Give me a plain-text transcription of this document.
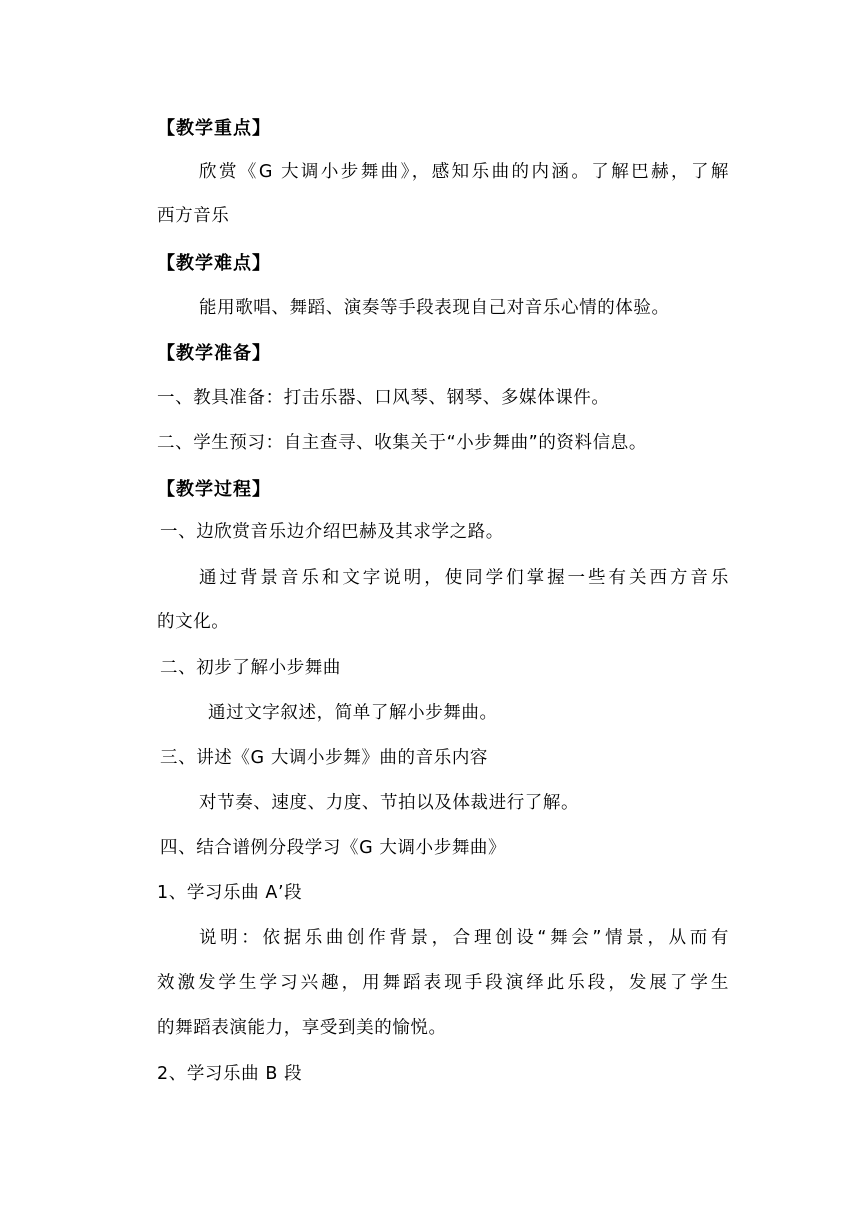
【教学重点】
欣赏《G 大调小步舞曲》，感知乐曲的内涵。了解巴赫，了解
西方音乐
【教学难点】
能用歌唱、舞蹈、演奏等手段表现自己对音乐心情的体验。
【教学准备】
一、教具准备：打击乐器、口风琴、钢琴、多媒体课件。
二、学生预习：自主查寻、收集关于“小步舞曲”的资料信息。
【教学过程】
一、边欣赏音乐边介绍巴赫及其求学之路。
通过背景音乐和文字说明，使同学们掌握一些有关西方音乐
的文化。
二、初步了解小步舞曲
通过文字叙述，简单了解小步舞曲。
三、讲述《G 大调小步舞》曲的音乐内容
对节奏、速度、力度、节拍以及体裁进行了解。
四、结合谱例分段学习《G 大调小步舞曲》
1、学习乐曲 A’段
说明：依据乐曲创作背景，合理创设“舞会”情景，从而有
效激发学生学习兴趣，用舞蹈表现手段演绎此乐段，发展了学生
的舞蹈表演能力，享受到美的愉悦。
2、学习乐曲 B 段
